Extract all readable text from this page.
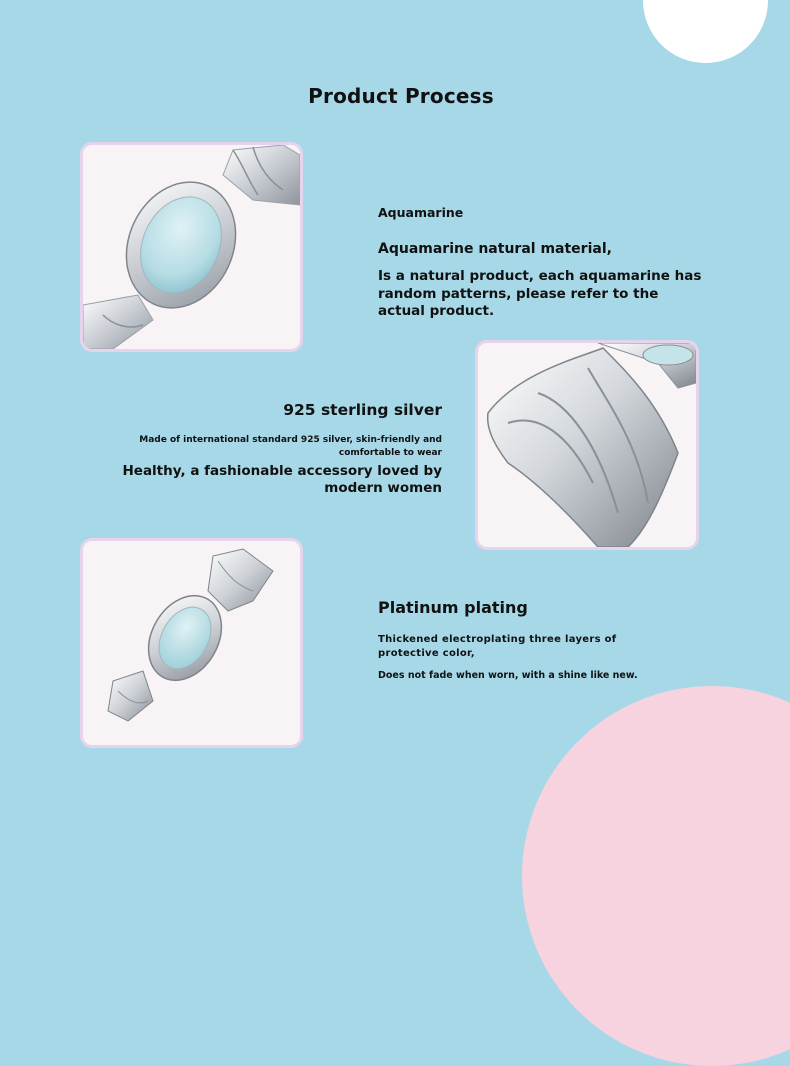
Product Process
Aquamarine
Aquamarine natural material,
Is a natural product, each aquamarine has random patterns, please refer to the actual product.
925 sterling silver
Made of international standard 925 silver, skin-friendly and comfortable to wear
Healthy, a fashionable accessory loved by modern women
Platinum plating
Thickened electroplating three layers of protective color,
Does not fade when worn, with a shine like new.
